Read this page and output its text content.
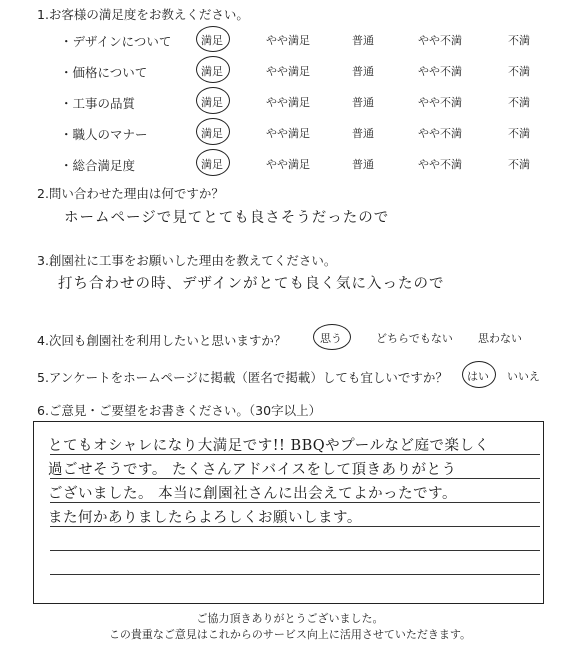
1.お客様の満足度をお教えください。
・デザインについて	満足	やや満足	普通	やや不満	不満
・価格について	満足	やや満足	普通	やや不満	不満
・工事の品質	満足	やや満足	普通	やや不満	不満
・職人のマナー	満足	やや満足	普通	やや不満	不満
・総合満足度	満足	やや満足	普通	やや不満	不満
2.問い合わせた理由は何ですか？
ホームページで見てとても良さそうだったので
3.創園社に工事をお願いした理由を教えてください。
打ち合わせの時、デザインがとても良く気に入ったので
4.次回も創園社を利用したいと思いますか？	思う	どちらでもない 思わない
5.アンケートをホームページに掲載（匿名で掲載）しても宜しいですか？ はい いいえ
6.ご意見・ご要望をお書きください。（30字以上）
とてもオシャレになり大満足です!! BBQやプールなど庭で楽しく
過ごせそうです。 たくさんアドバイスをして頂きありがとう
ございました。 本当に創園社さんに出会えてよかったです。
また何かありましたらよろしくお願いします。
ご協力頂きありがとうございました。
この貴重なご意見はこれからのサービス向上に活用させていただきます。
